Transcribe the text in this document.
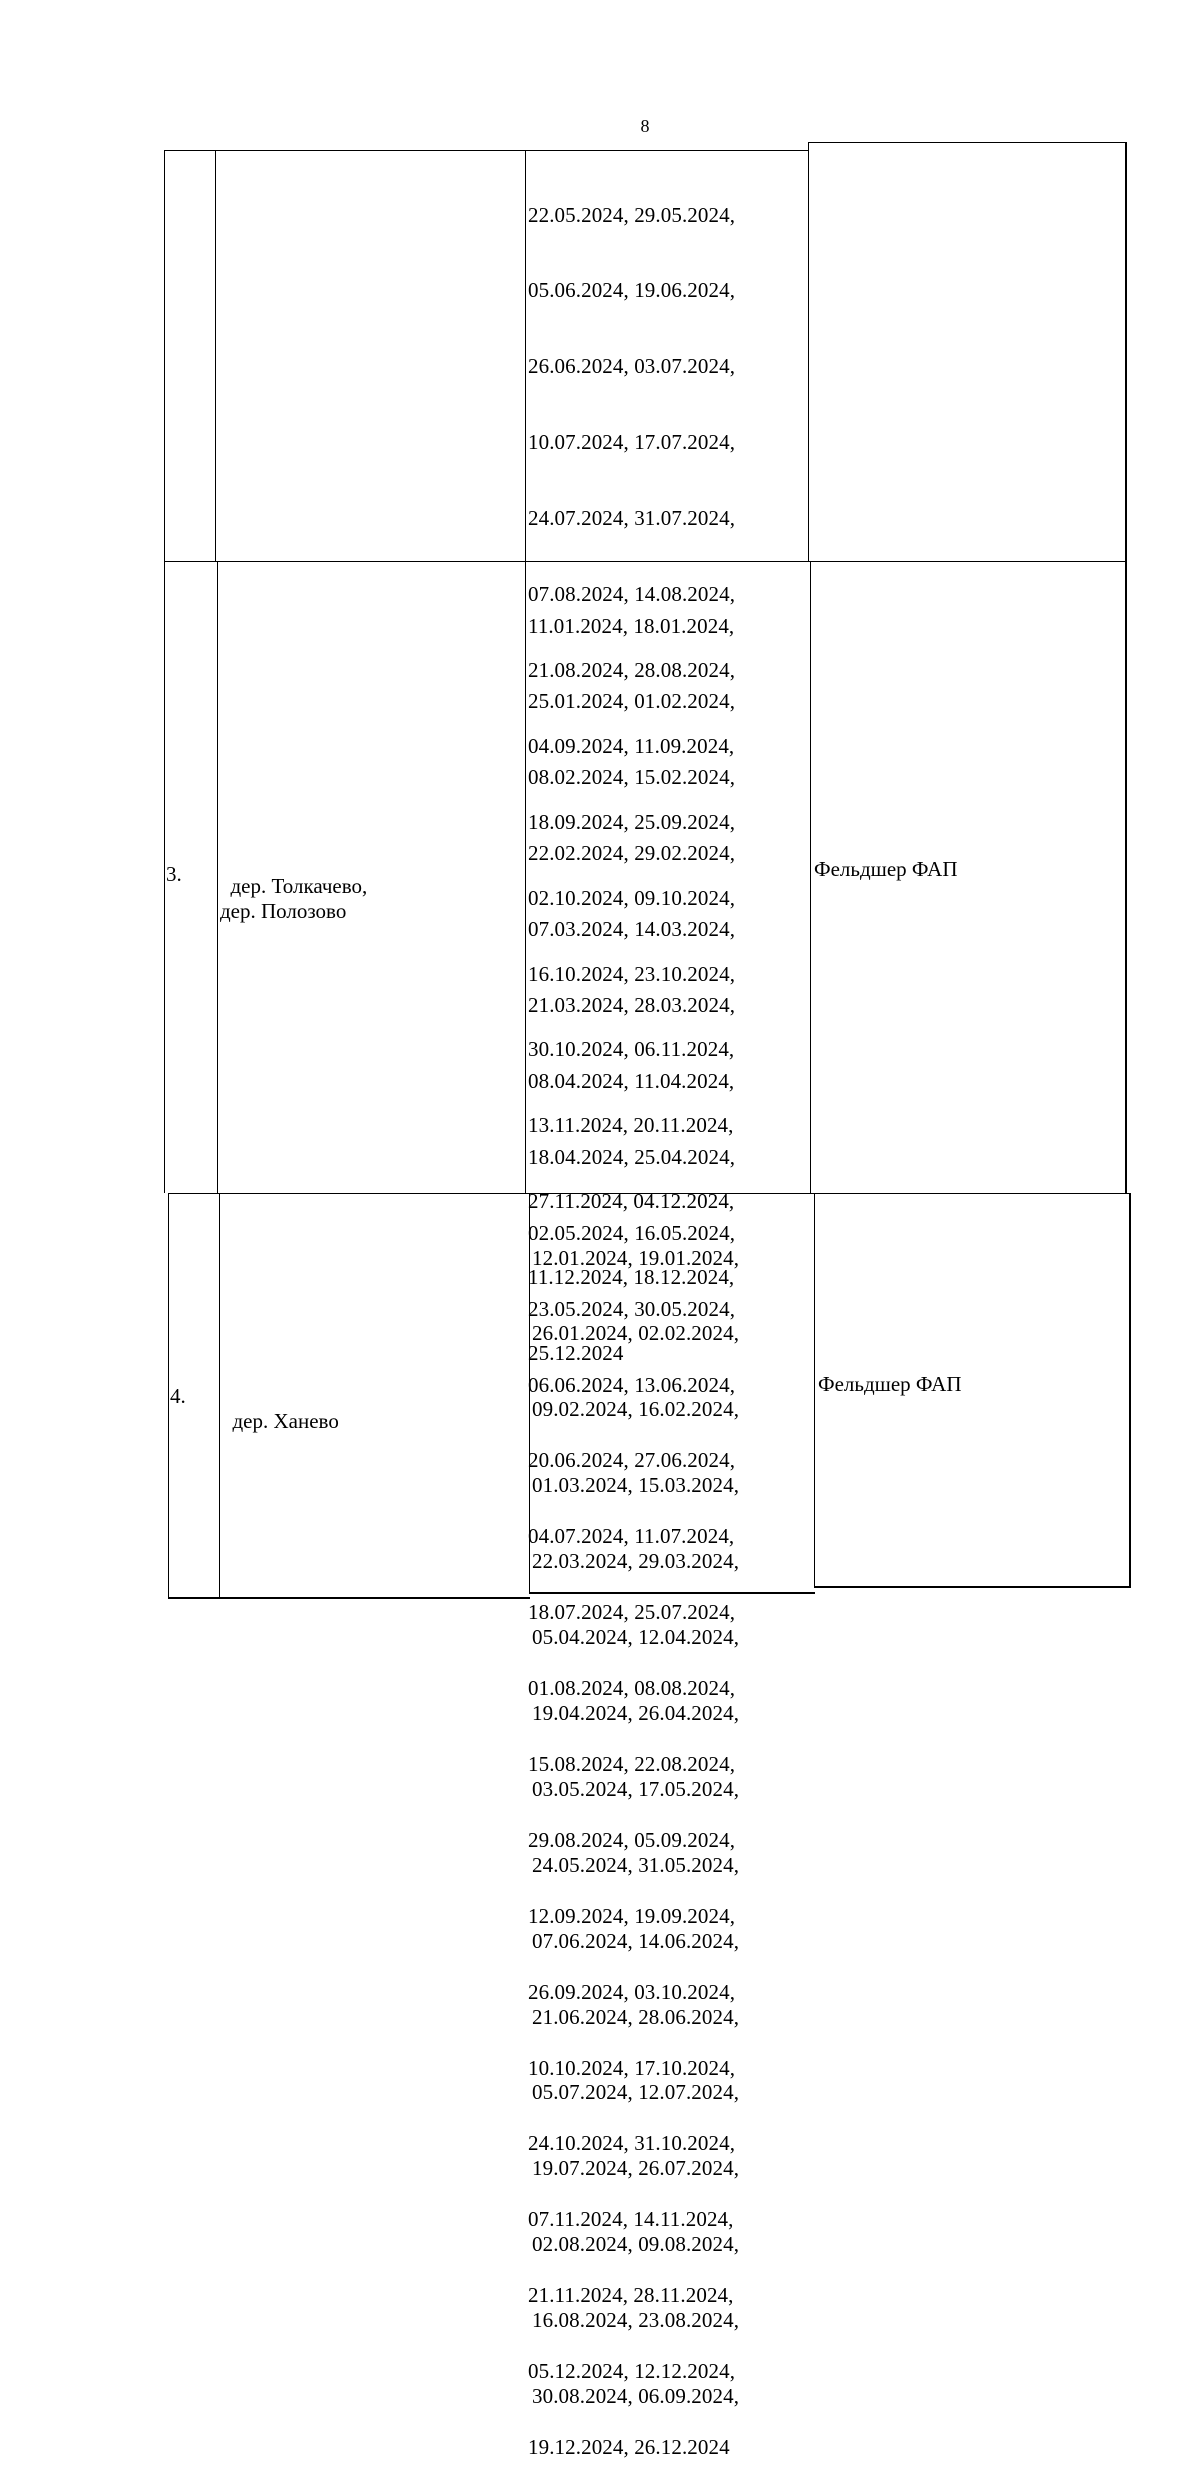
8

22.05.2024, 29.05.2024,

05.06.2024, 19.06.2024,

26.06.2024, 03.07.2024,

10.07.2024, 17.07.2024,

24.07.2024, 31.07.2024,

07.08.2024, 14.08.2024,

21.08.2024, 28.08.2024,

04.09.2024, 11.09.2024,

18.09.2024, 25.09.2024,

02.10.2024, 09.10.2024,

16.10.2024, 23.10.2024,

30.10.2024, 06.11.2024,

13.11.2024, 20.11.2024,

27.11.2024, 04.12.2024,

11.12.2024, 18.12.2024,

25.12.2024

3.	дер. Толкачево,
дер. Полозово

11.01.2024, 18.01.2024,

25.01.2024, 01.02.2024,

08.02.2024, 15.02.2024,

22.02.2024, 29.02.2024,

07.03.2024, 14.03.2024,

21.03.2024, 28.03.2024,

08.04.2024, 11.04.2024,

18.04.2024, 25.04.2024,

02.05.2024, 16.05.2024,

23.05.2024, 30.05.2024,

06.06.2024, 13.06.2024,

20.06.2024, 27.06.2024,

04.07.2024, 11.07.2024,

18.07.2024, 25.07.2024,

01.08.2024, 08.08.2024,

15.08.2024, 22.08.2024,

29.08.2024, 05.09.2024,

12.09.2024, 19.09.2024,

26.09.2024, 03.10.2024,

10.10.2024, 17.10.2024,

24.10.2024, 31.10.2024,

07.11.2024, 14.11.2024,

21.11.2024, 28.11.2024,

05.12.2024, 12.12.2024,

19.12.2024, 26.12.2024

Фельдшер ФАП
4.

дер. Ханево

12.01.2024, 19.01.2024,

26.01.2024, 02.02.2024,

09.02.2024, 16.02.2024,

01.03.2024, 15.03.2024,

22.03.2024, 29.03.2024,

05.04.2024, 12.04.2024,

19.04.2024, 26.04.2024,

03.05.2024, 17.05.2024,

24.05.2024, 31.05.2024,

07.06.2024, 14.06.2024,

21.06.2024, 28.06.2024,

05.07.2024, 12.07.2024,

19.07.2024, 26.07.2024,

02.08.2024, 09.08.2024,

16.08.2024, 23.08.2024,

30.08.2024, 06.09.2024,

Фельдшер ФАП
